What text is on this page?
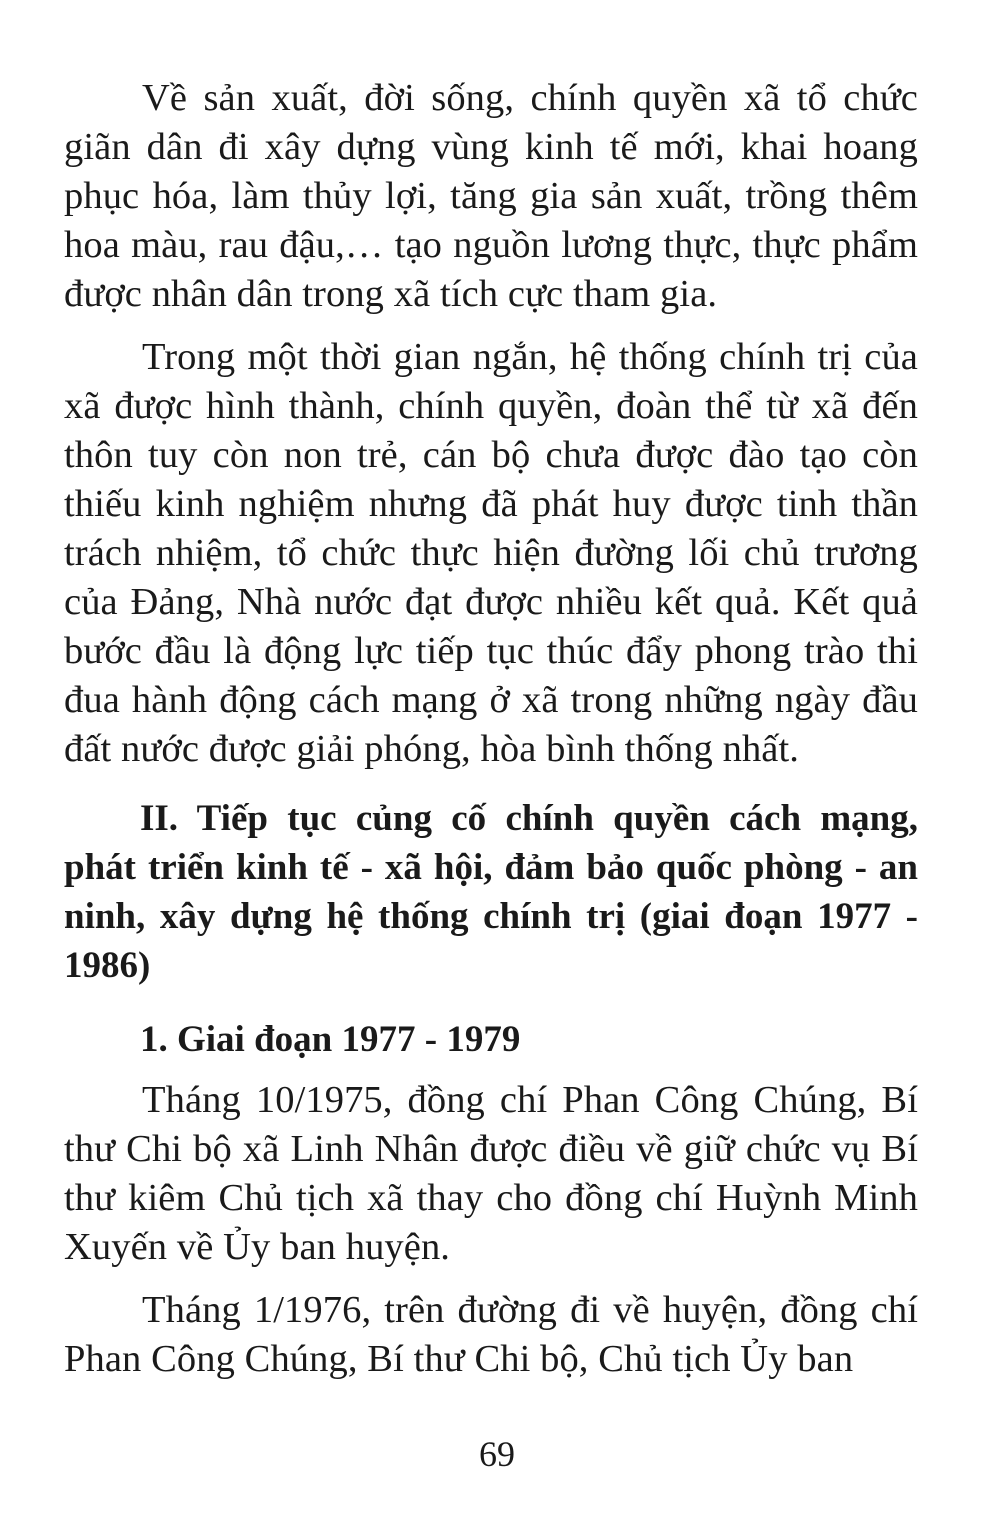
Về sản xuất, đời sống, chính quyền xã tổ chức giãn dân đi xây dựng vùng kinh tế mới, khai hoang phục hóa, làm thủy lợi, tăng gia sản xuất, trồng thêm hoa màu, rau đậu,… tạo nguồn lương thực, thực phẩm được nhân dân trong xã tích cực tham gia.

Trong một thời gian ngắn, hệ thống chính trị của xã được hình thành, chính quyền, đoàn thể từ xã đến thôn tuy còn non trẻ, cán bộ chưa được đào tạo còn thiếu kinh nghiệm nhưng đã phát huy được tinh thần trách nhiệm, tổ chức thực hiện đường lối chủ trương của Đảng, Nhà nước đạt được nhiều kết quả. Kết quả bước đầu là động lực tiếp tục thúc đẩy phong trào thi đua hành động cách mạng ở xã trong những ngày đầu đất nước được giải phóng, hòa bình thống nhất.

II. Tiếp tục củng cố chính quyền cách mạng, phát triển kinh tế - xã hội, đảm bảo quốc phòng - an ninh, xây dựng hệ thống chính trị (giai đoạn 1977 - 1986)
1. Giai đoạn 1977 - 1979

Tháng 10/1975, đồng chí Phan Công Chúng, Bí thư Chi bộ xã Linh Nhân được điều về giữ chức vụ Bí thư kiêm Chủ tịch xã thay cho đồng chí Huỳnh Minh Xuyến về Ủy ban huyện.

Tháng 1/1976, trên đường đi về huyện, đồng chí Phan Công Chúng, Bí thư Chi bộ, Chủ tịch Ủy ban

69
